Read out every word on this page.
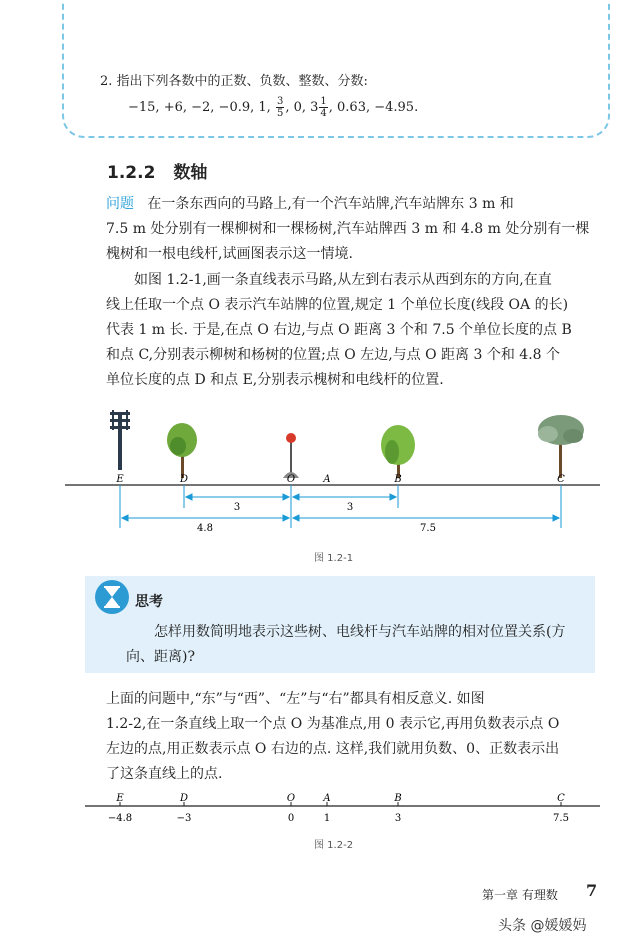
2. 指出下列各数中的正数、负数、整数、分数:
−15, +6, −2, −0.9, 1, $\frac{3}{5}$ , 0, $3 \frac{1}{4}$ , 0.63, −4.95.
1.2.2 数轴
问题 在一条东西向的马路上,有一个汽车站牌,汽车站牌东 3 m 和
7.5 m 处分别有一棵柳树和一棵杨树,汽车站牌西 3 m 和 4.8 m 处分别有一棵
槐树和一根电线杆,试画图表示这一情境.
如图 1.2-1,画一条直线表示马路,从左到右表示从西到东的方向,在直
线上任取一个点 O 表示汽车站牌的位置,规定 1 个单位长度(线段 OA 的长)
代表 1 m 长. 于是,在点 O 右边,与点 O 距离 3 个和 7.5 个单位长度的点 B
和点 C,分别表示柳树和杨树的位置;点 O 左边,与点 O 距离 3 个和 4.8 个
单位长度的点 D 和点 E,分别表示槐树和电线杆的位置.
E	D	O	A	B	C
3	3
4.8	7.5
图 1.2-1
思考
怎样用数简明地表示这些树、电线杆与汽车站牌的相对位置关系(方
向、距离)?
上面的问题中,“东”与“西”、“左”与“右”都具有相反意义. 如图
1.2-2,在一条直线上取一个点 O 为基准点,用 0 表示它,再用负数表示点 O
左边的点,用正数表示点 O 右边的点. 这样,我们就用负数、0、正数表示出
了这条直线上的点.
E	D	O	A	B	C
−4.8	−3	0	1	3	7.5
图 1.2-2
第一章 有理数 7
头条 @媛媛妈
